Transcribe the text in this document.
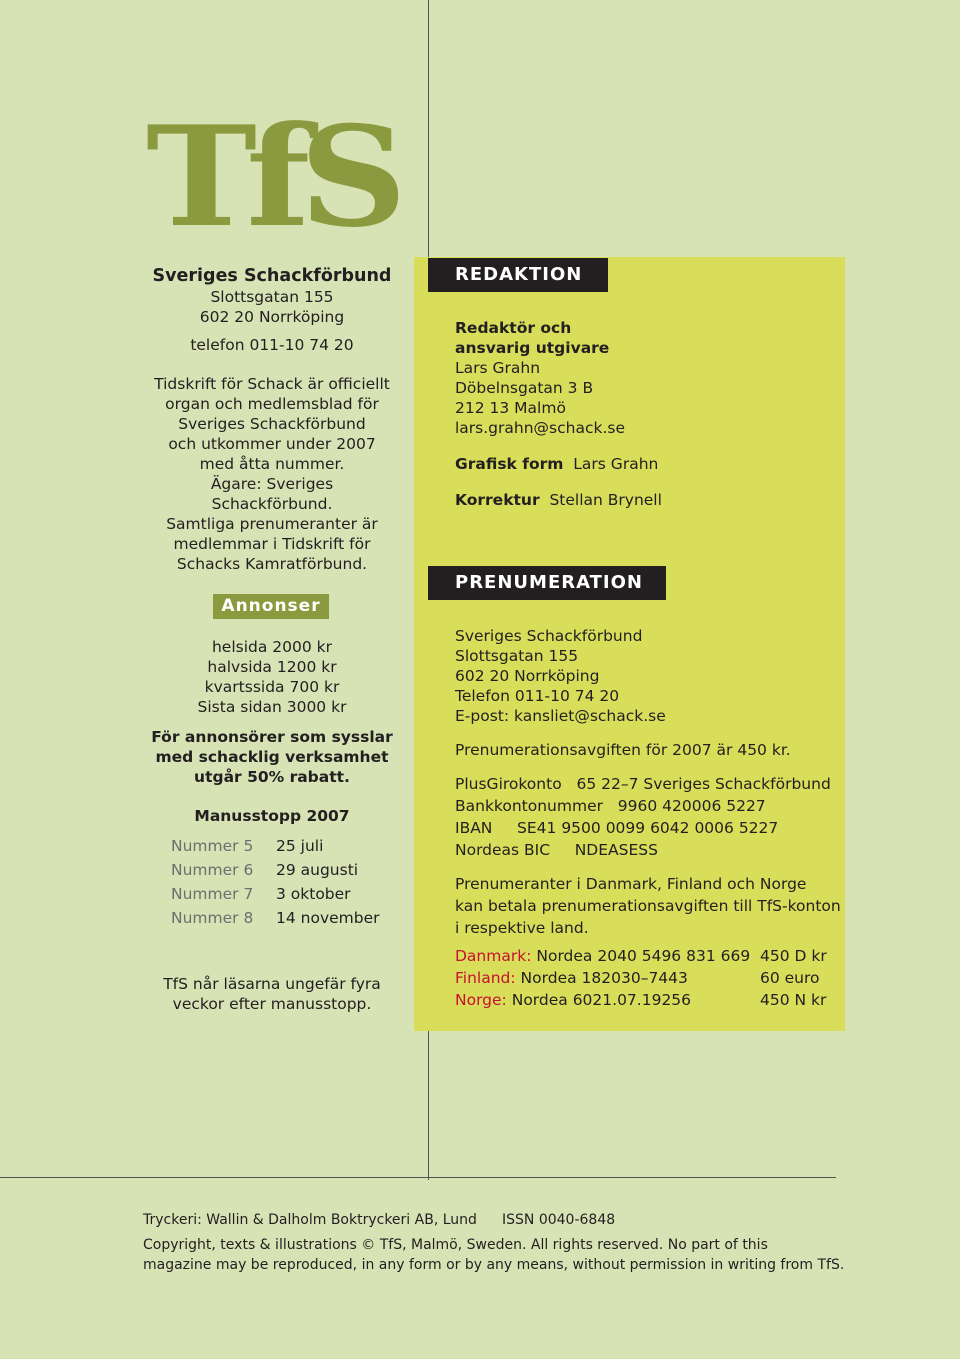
TfS
Sveriges Schackförbund
Slottsgatan 155
602 20 Norrköping
telefon 011-10 74 20
Tidskrift för Schack är officiellt
organ och medlemsblad för
Sveriges Schackförbund
och utkommer under 2007
med åtta nummer.
Ägare: Sveriges Schackförbund.
Samtliga prenumeranter är
medlemmar i Tidskrift för
Schacks Kamratförbund.
Annonser
helsida 2000 kr
halvsida 1200 kr
kvartssida 700 kr
Sista sidan 3000 kr
För annonsörer som sysslar
med schacklig verksamhet
utgår 50% rabatt.
Manusstopp 2007
Nummer 5 25 juli
Nummer 6 29 augusti
Nummer 7 3 oktober
Nummer 8 14 november
TfS når läsarna ungefär fyra
veckor efter manusstopp.
REDAKTION
Redaktör och
ansvarig utgivare
Lars Grahn
Döbelnsgatan 3 B
212 13 Malmö
lars.grahn@schack.se
Grafisk form Lars Grahn
Korrektur Stellan Brynell
PRENUMERATION
Sveriges Schackförbund
Slottsgatan 155
602 20 Norrköping
Telefon 011-10 74 20
E-post: kansliet@schack.se
Prenumerationsavgiften för 2007 är 450 kr.
PlusGirokonto   65 22–7 Sveriges Schackförbund
Bankkontonummer   9960 420006 5227
IBAN     SE41 9500 0099 6042 0006 5227
Nordeas BIC     NDEASESS
Prenumeranter i Danmark, Finland och Norge
kan betala prenumerationsavgiften till TfS-konton
i respektive land.
Danmark: Nordea 2040 5496 831 669 450 D kr
Finland: Nordea 182030–7443	60 euro
Norge: Nordea 6021.07.19256	450 N kr
Tryckeri: Wallin & Dalholm Boktryckeri AB, Lund ISSN 0040-6848
Copyright, texts & illustrations © TfS, Malmö, Sweden. All rights reserved. No part of this
magazine may be reproduced, in any form or by any means, without permission in writing from TfS.
